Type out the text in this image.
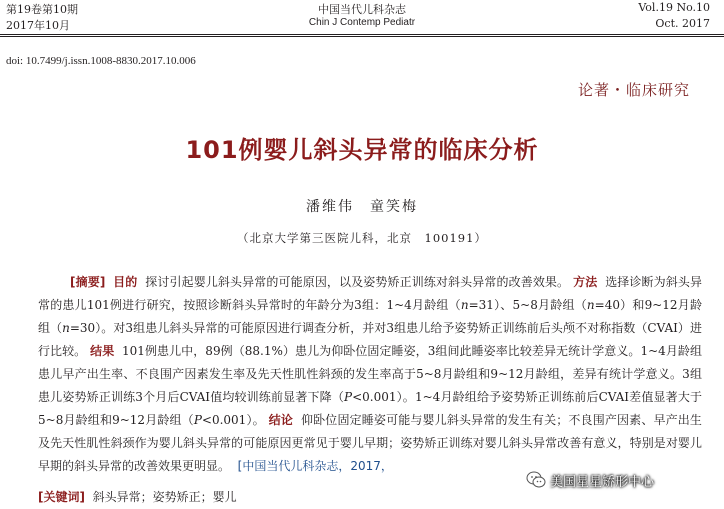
第19卷第10期	中国当代儿科杂志	Vol.19 No.10
2017年10月	Chin J Contemp Pediatr	Oct. 2017
doi: 10.7499/j.issn.1008-8830.2017.10.006
论著・临床研究
101例婴儿斜头异常的临床分析
潘维伟　童笑梅
（北京大学第三医院儿科，北京　100191）
[摘要] 目的 探讨引起婴儿斜头异常的可能原因，以及姿势矫正训练对斜头异常的改善效果。 方法 选择诊断为斜头异常的患儿101例进行研究，按照诊断斜头异常时的年龄分为3组：1~4月龄组（n=31）、5~8月龄组（n=40）和9~12月龄组（n=30）。对3组患儿斜头异常的可能原因进行调查分析，并对3组患儿给予姿势矫正训练前后头颅不对称指数（CVAI）进行比较。 结果 101例患儿中，89例（88.1%）患儿为仰卧位固定睡姿，3组间此睡姿率比较差异无统计学意义。1~4月龄组患儿早产出生率、不良围产因素发生率及先天性肌性斜颈的发生率高于5~8月龄组和9~12月龄组，差异有统计学意义。3组患儿姿势矫正训练3个月后CVAI值均较训练前显著下降（P<0.001）。1~4月龄组给予姿势矫正训练前后CVAI差值显著大于5~8月龄组和9~12月龄组（P<0.001）。 结论 仰卧位固定睡姿可能与婴儿斜头异常的发生有关；不良围产因素、早产出生及先天性肌性斜颈作为婴儿斜头异常的可能原因更常见于婴儿早期；姿势矫正训练对婴儿斜头异常改善有意义，特别是对婴儿早期的斜头异常的改善效果更明显。 [中国当代儿科杂志，2017，
[关键词] 斜头异常；姿势矫正；婴儿
美国星星矫形中心
